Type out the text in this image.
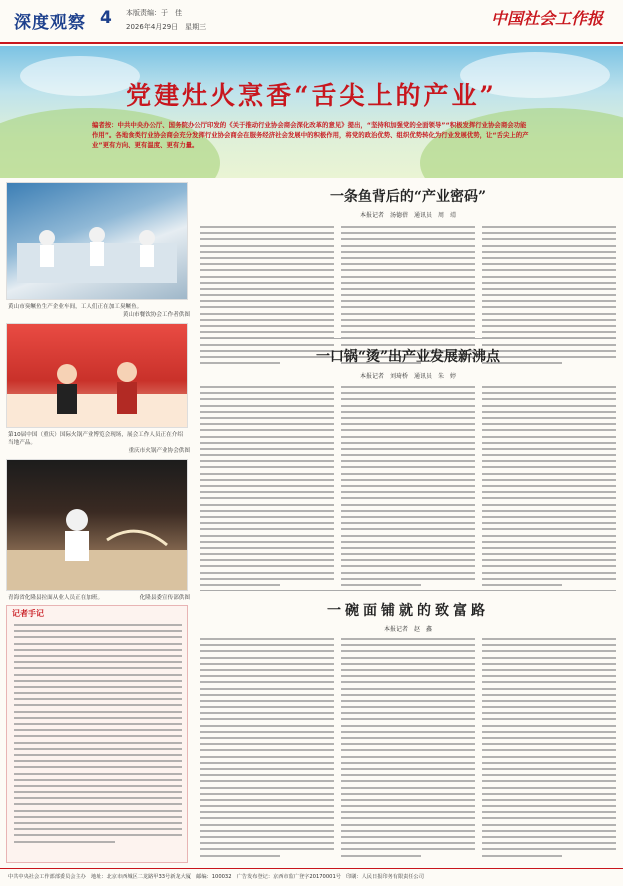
深度观察 4 本版责编：于　佳
2026年4月29日　星期三	中国社会工作报
党建灶火烹香“舌尖上的产业”
编者按：中共中央办公厅、国务院办公厅印发的《关于推动行业协会商会深化改革的意见》提出，“坚持和加强党的全面领导”“积极发挥行业协会商会功能作用”。各地食类行业协会商会充分发挥行业协会商会在服务经济社会发展中的积极作用，将党的政治优势、组织优势转化为行业发展优势，让“舌尖上的产业”更有方向、更有温度、更有力量。
黄山市臭鳜鱼生产企业车间，工人们正在加工臭鳜鱼。
黄山市餐饮协会工作者供图
第10届中国（重庆）国际火锅产业博览会现场，展会工作人员正在介绍当地产品。
重庆市火锅产业协会供图
青海省化隆县拉面从业人员正在加班。	化隆县委宣传部供图
记者手记
一条鱼背后的“产业密码”
本报记者　汤德蓓　通讯员　周　靖
一口锅“烫”出产业发展新沸点
本报记者　刘琦桥　通讯员　朱　婷
一碗面铺就的致富路
本报记者　赵　鑫
中共中央社会工作部部委员会主办　地址：北京市西城区二龙路甲33号新龙大厦　邮编：100032　广告发布登记：京西市监广登字20170001号　印刷：人民日报印务有限责任公司
